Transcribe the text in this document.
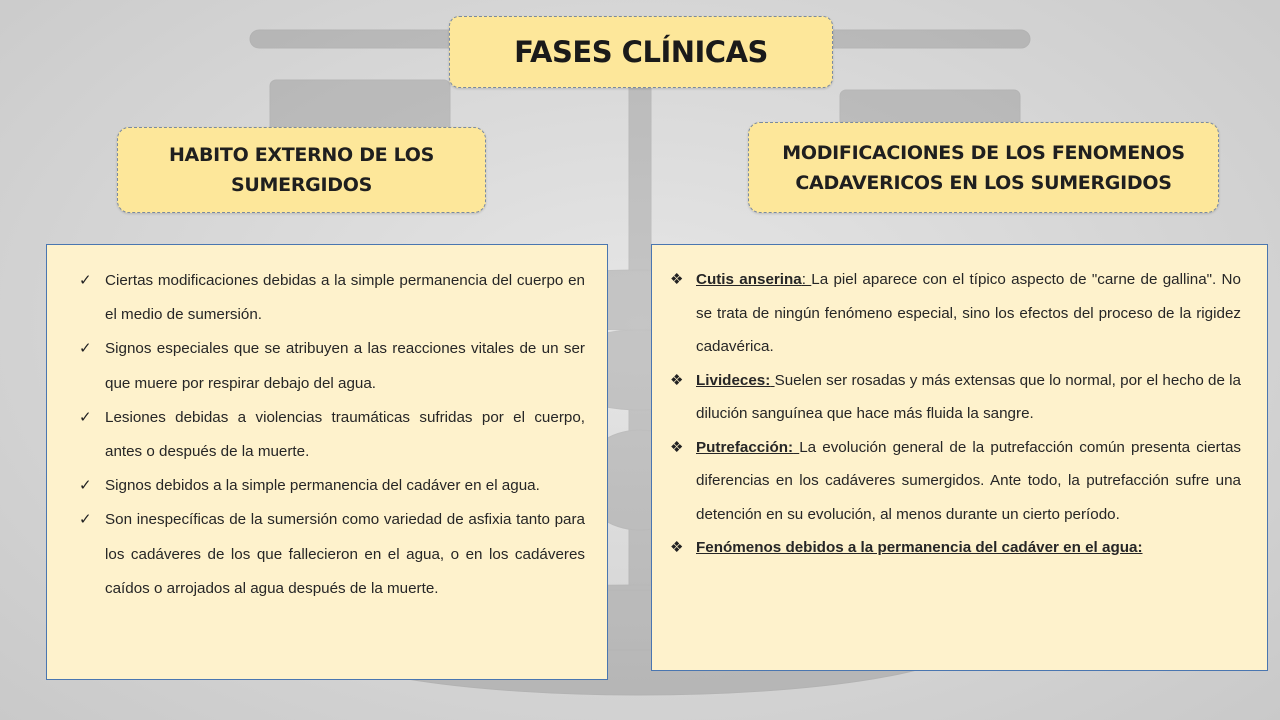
FASES CLÍNICAS
HABITO EXTERNO DE LOS SUMERGIDOS
MODIFICACIONES DE LOS FENOMENOS CADAVERICOS EN LOS SUMERGIDOS
✓ Ciertas modificaciones debidas a la simple permanencia del cuerpo en el medio de sumersión.
✓ Signos especiales que se atribuyen a las reacciones vitales de un ser que muere por respirar debajo del agua.
✓ Lesiones debidas a violencias traumáticas sufridas por el cuerpo, antes o después de la muerte.
✓ Signos debidos a la simple permanencia del cadáver en el agua.
✓ Son inespecíficas de la sumersión como variedad de asfixia tanto para los cadáveres de los que fallecieron en el agua, o en los cadáveres caídos o arrojados al agua después de la muerte.
❖ Cutis anserina: La piel aparece con el típico aspecto de "carne de gallina". No se trata de ningún fenómeno especial, sino los efectos del proceso de la rigidez cadavérica.
❖ Livideces: Suelen ser rosadas y más extensas que lo normal, por el hecho de la dilución sanguínea que hace más fluida la sangre.
❖ Putrefacción: La evolución general de la putrefacción común presenta ciertas diferencias en los cadáveres sumergidos. Ante todo, la putrefacción sufre una detención en su evolución, al menos durante un cierto período.
❖ Fenómenos debidos a la permanencia del cadáver en el agua:
